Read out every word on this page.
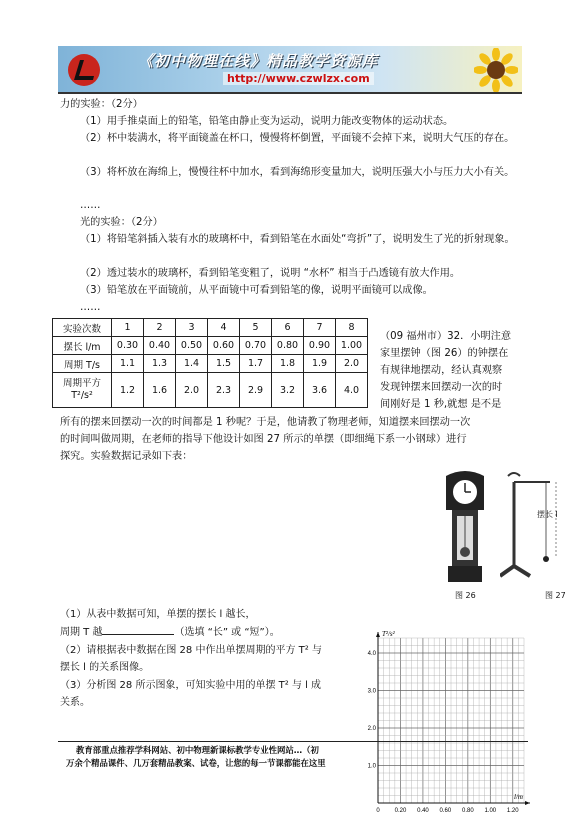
《初中物理在线》精品教学资源库
http://www.czwlzx.com
力的实验：（2分）
（1）用手推桌面上的铅笔，铅笔由静止变为运动，说明力能改变物体的运动状态。
（2）杯中装满水，将平面镜盖在杯口，慢慢将杯倒置，平面镜不会掉下来，说明大气压的存在。
（3）将杯放在海绵上，慢慢往杯中加水，看到海绵形变量加大，说明压强大小与压力大小有关。
……
光的实验：（2分）
（1）将铅笔斜插入装有水的玻璃杯中，看到铅笔在水面处“弯折”了，说明发生了光的折射现象。
（2）透过装水的玻璃杯，看到铅笔变粗了，说明 “水杯” 相当于凸透镜有放大作用。
（3）铅笔放在平面镜前，从平面镜中可看到铅笔的像，说明平面镜可以成像。
……
实验次数	1	2	3	4	5	6	7	8
摆长 l/m	0.30	0.40	0.50	0.60	0.70	0.80	0.90	1.00
周期 T/s	1.1	1.3	1.4	1.5	1.7	1.8	1.9	2.0
周期平方
T²/s²	1.2	1.6	2.0	2.3	2.9	3.2	3.6	4.0
（09 福州市）32．小明注意
家里摆钟（图 26）的钟摆在
有规律地摆动，经认真观察
发现钟摆来回摆动一次的时
间刚好是 1 秒,就想 是不是
所有的摆来回摆动一次的时间都是 1 秒呢？于是，他请教了物理老师，知道摆来回摆动一次
的时间叫做周期，在老师的指导下他设计如图 27 所示的单摆（即细绳下系一小钢球）进行
探究。实验数据记录如下表：
图 26
摆长 l
图 27
（1）从表中数据可知，单摆的摆长 l 越长，
周期 T 越	（选填 “长” 或 “短”）。
（2）请根据表中数据在图 28 中作出单摆周期的平方 T² 与
摆长 l 的关系图像。
（3）分析图 28 所示图象，可知实验中用的单摆 T² 与 l 成
关系。
0 0.20 0.40 0.60 0.80 1.00 1.20
1.0
2.0
3.0
4.0
T²/s²
l/m
教育部重点推荐学科网站、初中物理新课标教学专业性网站…（初
万余个精品课件、几万套精品教案、试卷，让您的每一节课都能在这里
